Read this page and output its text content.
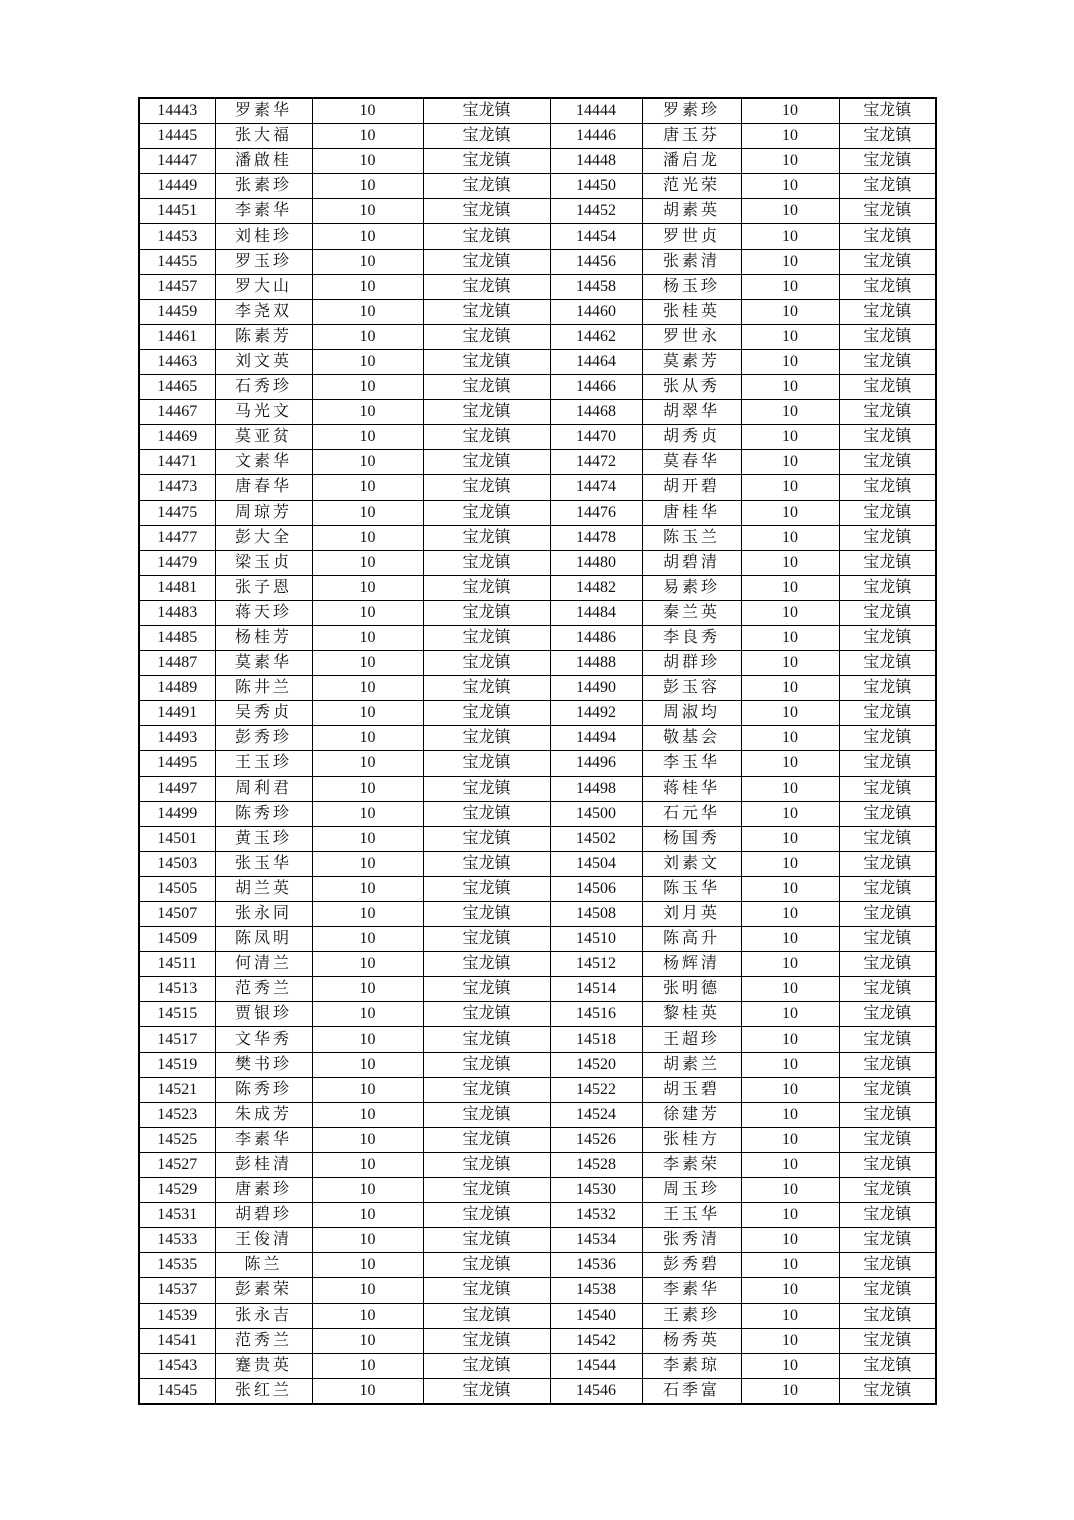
14443	罗素华	10	宝龙镇	14444	罗素珍	10	宝龙镇
14445	张大福	10	宝龙镇	14446	唐玉芬	10	宝龙镇
14447	潘啟桂	10	宝龙镇	14448	潘启龙	10	宝龙镇
14449	张素珍	10	宝龙镇	14450	范光荣	10	宝龙镇
14451	李素华	10	宝龙镇	14452	胡素英	10	宝龙镇
14453	刘桂珍	10	宝龙镇	14454	罗世贞	10	宝龙镇
14455	罗玉珍	10	宝龙镇	14456	张素清	10	宝龙镇
14457	罗大山	10	宝龙镇	14458	杨玉珍	10	宝龙镇
14459	李尧双	10	宝龙镇	14460	张桂英	10	宝龙镇
14461	陈素芳	10	宝龙镇	14462	罗世永	10	宝龙镇
14463	刘文英	10	宝龙镇	14464	莫素芳	10	宝龙镇
14465	石秀珍	10	宝龙镇	14466	张从秀	10	宝龙镇
14467	马光文	10	宝龙镇	14468	胡翠华	10	宝龙镇
14469	莫亚贫	10	宝龙镇	14470	胡秀贞	10	宝龙镇
14471	文素华	10	宝龙镇	14472	莫春华	10	宝龙镇
14473	唐春华	10	宝龙镇	14474	胡开碧	10	宝龙镇
14475	周琼芳	10	宝龙镇	14476	唐桂华	10	宝龙镇
14477	彭大全	10	宝龙镇	14478	陈玉兰	10	宝龙镇
14479	梁玉贞	10	宝龙镇	14480	胡碧清	10	宝龙镇
14481	张子恩	10	宝龙镇	14482	易素珍	10	宝龙镇
14483	蒋天珍	10	宝龙镇	14484	秦兰英	10	宝龙镇
14485	杨桂芳	10	宝龙镇	14486	李良秀	10	宝龙镇
14487	莫素华	10	宝龙镇	14488	胡群珍	10	宝龙镇
14489	陈井兰	10	宝龙镇	14490	彭玉容	10	宝龙镇
14491	吴秀贞	10	宝龙镇	14492	周淑均	10	宝龙镇
14493	彭秀珍	10	宝龙镇	14494	敬基会	10	宝龙镇
14495	王玉珍	10	宝龙镇	14496	李玉华	10	宝龙镇
14497	周利君	10	宝龙镇	14498	蒋桂华	10	宝龙镇
14499	陈秀珍	10	宝龙镇	14500	石元华	10	宝龙镇
14501	黄玉珍	10	宝龙镇	14502	杨国秀	10	宝龙镇
14503	张玉华	10	宝龙镇	14504	刘素文	10	宝龙镇
14505	胡兰英	10	宝龙镇	14506	陈玉华	10	宝龙镇
14507	张永同	10	宝龙镇	14508	刘月英	10	宝龙镇
14509	陈凤明	10	宝龙镇	14510	陈高升	10	宝龙镇
14511	何清兰	10	宝龙镇	14512	杨辉清	10	宝龙镇
14513	范秀兰	10	宝龙镇	14514	张明德	10	宝龙镇
14515	贾银珍	10	宝龙镇	14516	黎桂英	10	宝龙镇
14517	文华秀	10	宝龙镇	14518	王超珍	10	宝龙镇
14519	樊书珍	10	宝龙镇	14520	胡素兰	10	宝龙镇
14521	陈秀珍	10	宝龙镇	14522	胡玉碧	10	宝龙镇
14523	朱成芳	10	宝龙镇	14524	徐建芳	10	宝龙镇
14525	李素华	10	宝龙镇	14526	张桂方	10	宝龙镇
14527	彭桂清	10	宝龙镇	14528	李素荣	10	宝龙镇
14529	唐素珍	10	宝龙镇	14530	周玉珍	10	宝龙镇
14531	胡碧珍	10	宝龙镇	14532	王玉华	10	宝龙镇
14533	王俊清	10	宝龙镇	14534	张秀清	10	宝龙镇
14535	陈兰	10	宝龙镇	14536	彭秀碧	10	宝龙镇
14537	彭素荣	10	宝龙镇	14538	李素华	10	宝龙镇
14539	张永吉	10	宝龙镇	14540	王素珍	10	宝龙镇
14541	范秀兰	10	宝龙镇	14542	杨秀英	10	宝龙镇
14543	蹇贵英	10	宝龙镇	14544	李素琼	10	宝龙镇
14545	张红兰	10	宝龙镇	14546	石季富	10	宝龙镇
